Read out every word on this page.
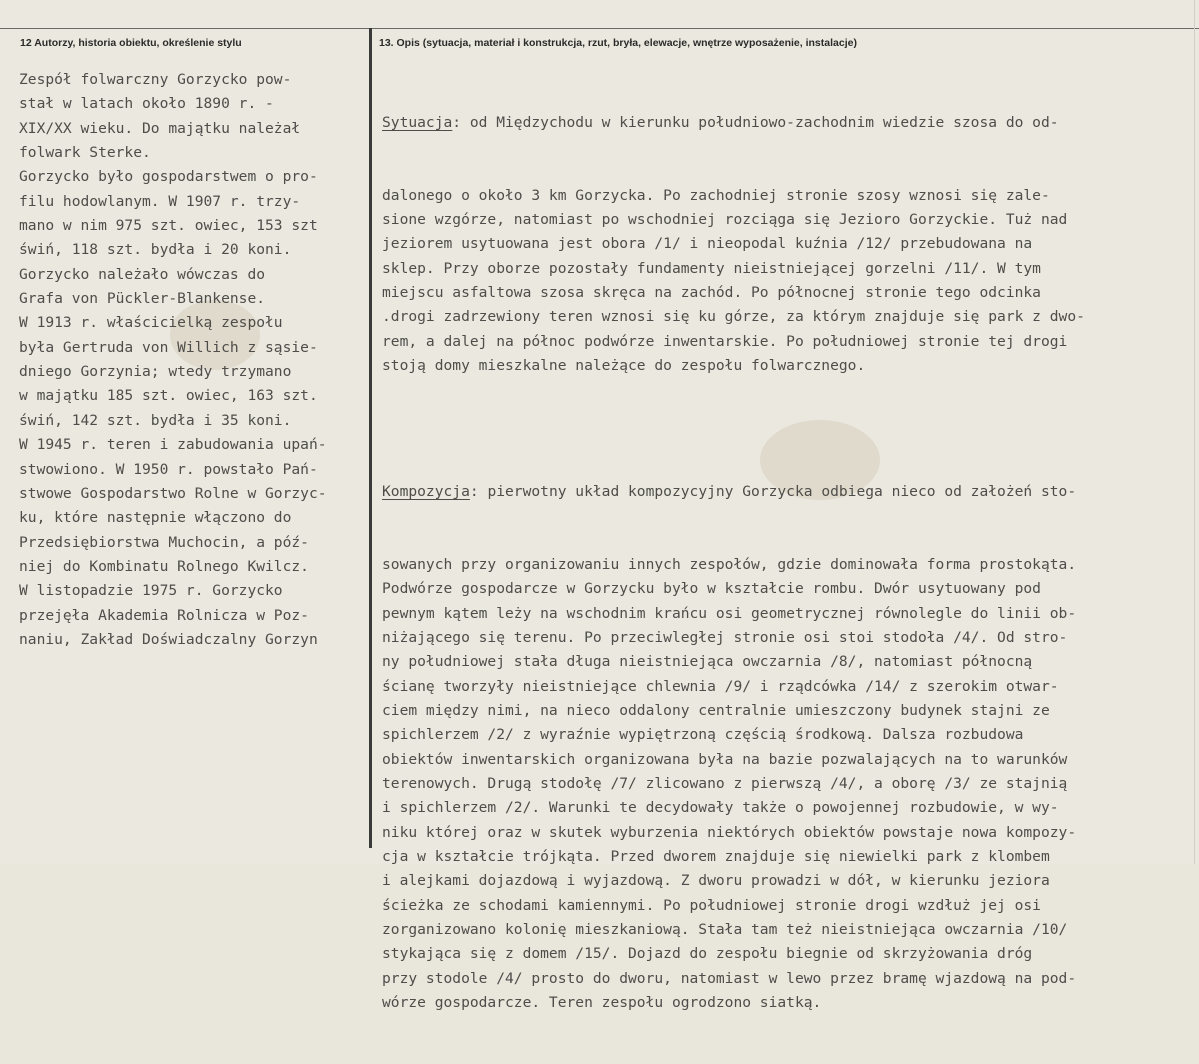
12 Autorzy, historia obiektu, określenie stylu	13. Opis (sytuacja, materiał i konstrukcja, rzut, bryła, elewacje, wnętrze wyposażenie, instalacje)
Zespół folwarczny Gorzycko pow-
stał w latach około 1890 r. -
XIX/XX wieku. Do majątku należał
folwark Sterke.
Gorzycko było gospodarstwem o pro-
filu hodowlanym. W 1907 r. trzy-
mano w nim 975 szt. owiec, 153 szt
świń, 118 szt. bydła i 20 koni.
Gorzycko należało wówczas do
Grafa von Pückler-Blankense.
W 1913 r. właścicielką zespołu
była Gertruda von Willich z sąsie-
dniego Gorzynia; wtedy trzymano
w majątku 185 szt. owiec, 163 szt.
świń, 142 szt. bydła i 35 koni.
W 1945 r. teren i zabudowania upań-
stwowiono. W 1950 r. powstało Pań-
stwowe Gospodarstwo Rolne w Gorzyc-
ku, które następnie włączono do
Przedsiębiorstwa Muchocin, a póź-
niej do Kombinatu Rolnego Kwilcz.
W listopadzie 1975 r. Gorzycko
przejęła Akademia Rolnicza w Poz-
naniu, Zakład Doświadczalny Gorzyn

Sytuacja: od Międzychodu w kierunku południowo-zachodnim wiedzie szosa do od-

dalonego o około 3 km Gorzycka. Po zachodniej stronie szosy wznosi się zale-
sione wzgórze, natomiast po wschodniej rozciąga się Jezioro Gorzyckie. Tuż nad
jeziorem usytuowana jest obora /1/ i nieopodal kuźnia /12/ przebudowana na
sklep. Przy oborze pozostały fundamenty nieistniejącej gorzelni /11/. W tym
miejscu asfaltowa szosa skręca na zachód. Po północnej stronie tego odcinka
.drogi zadrzewiony teren wznosi się ku górze, za którym znajduje się park z dwo-
rem, a dalej na północ podwórze inwentarskie. Po południowej stronie tej drogi
stoją domy mieszkalne należące do zespołu folwarcznego.

Kompozycja: pierwotny układ kompozycyjny Gorzycka odbiega nieco od założeń sto-

sowanych przy organizowaniu innych zespołów, gdzie dominowała forma prostokąta.
Podwórze gospodarcze w Gorzycku było w kształcie rombu. Dwór usytuowany pod
pewnym kątem leży na wschodnim krańcu osi geometrycznej równolegle do linii ob-
niżającego się terenu. Po przeciwległej stronie osi stoi stodoła /4/. Od stro-
ny południowej stała długa nieistniejąca owczarnia /8/, natomiast północną
ścianę tworzyły nieistniejące chlewnia /9/ i rządcówka /14/ z szerokim otwar-
ciem między nimi, na nieco oddalony centralnie umieszczony budynek stajni ze
spichlerzem /2/ z wyraźnie wypiętrzoną częścią środkową. Dalsza rozbudowa
obiektów inwentarskich organizowana była na bazie pozwalających na to warunków
terenowych. Drugą stodołę /7/ zlicowano z pierwszą /4/, a oborę /3/ ze stajnią
i spichlerzem /2/. Warunki te decydowały także o powojennej rozbudowie, w wy-
niku której oraz w skutek wyburzenia niektórych obiektów powstaje nowa kompozy-
cja w kształcie trójkąta. Przed dworem znajduje się niewielki park z klombem
i alejkami dojazdową i wyjazdową. Z dworu prowadzi w dół, w kierunku jeziora
ścieżka ze schodami kamiennymi. Po południowej stronie drogi wzdłuż jej osi
zorganizowano kolonię mieszkaniową. Stała tam też nieistniejąca owczarnia /10/
stykająca się z domem /15/. Dojazd do zespołu biegnie od skrzyżowania dróg
przy stodole /4/ prosto do dworu, natomiast w lewo przez bramę wjazdową na pod-
wórze gospodarcze. Teren zespołu ogrodzono siatką.
